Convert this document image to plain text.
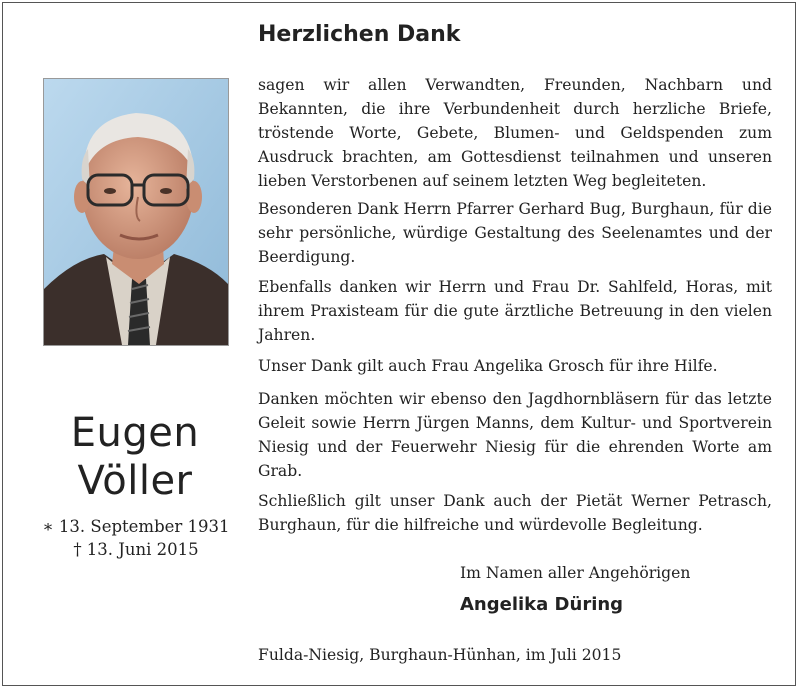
Eugen
Völler
∗ 13. September 1931
† 13. Juni 2015
Herzlichen Dank
sagen wir allen Verwandten, Freunden, Nachbarn und Bekannten, die ihre Verbundenheit durch herzliche Briefe, tröstende Worte, Gebete, Blumen- und Geldspenden zum Ausdruck brachten, am Gottesdienst teilnahmen und unseren lieben Verstorbenen auf seinem letzten Weg begleiteten.
Besonderen Dank Herrn Pfarrer Gerhard Bug, Burghaun, für die sehr persönliche, würdige Gestaltung des Seelenamtes und der Beerdigung.
Ebenfalls danken wir Herrn und Frau Dr. Sahlfeld, Horas, mit ihrem Praxisteam für die gute ärztliche Betreuung in den vielen Jahren.
Unser Dank gilt auch Frau Angelika Grosch für ihre Hilfe.
Danken möchten wir ebenso den Jagdhornbläsern für das letzte Geleit sowie Herrn Jürgen Manns, dem Kultur- und Sportverein Niesig und der Feuerwehr Niesig für die ehrenden Worte am Grab.
Schließlich gilt unser Dank auch der Pietät Werner Petrasch, Burghaun, für die hilfreiche und würdevolle Begleitung.
Im Namen aller Angehörigen
Angelika Düring
Fulda-Niesig, Burghaun-Hünhan, im Juli 2015
